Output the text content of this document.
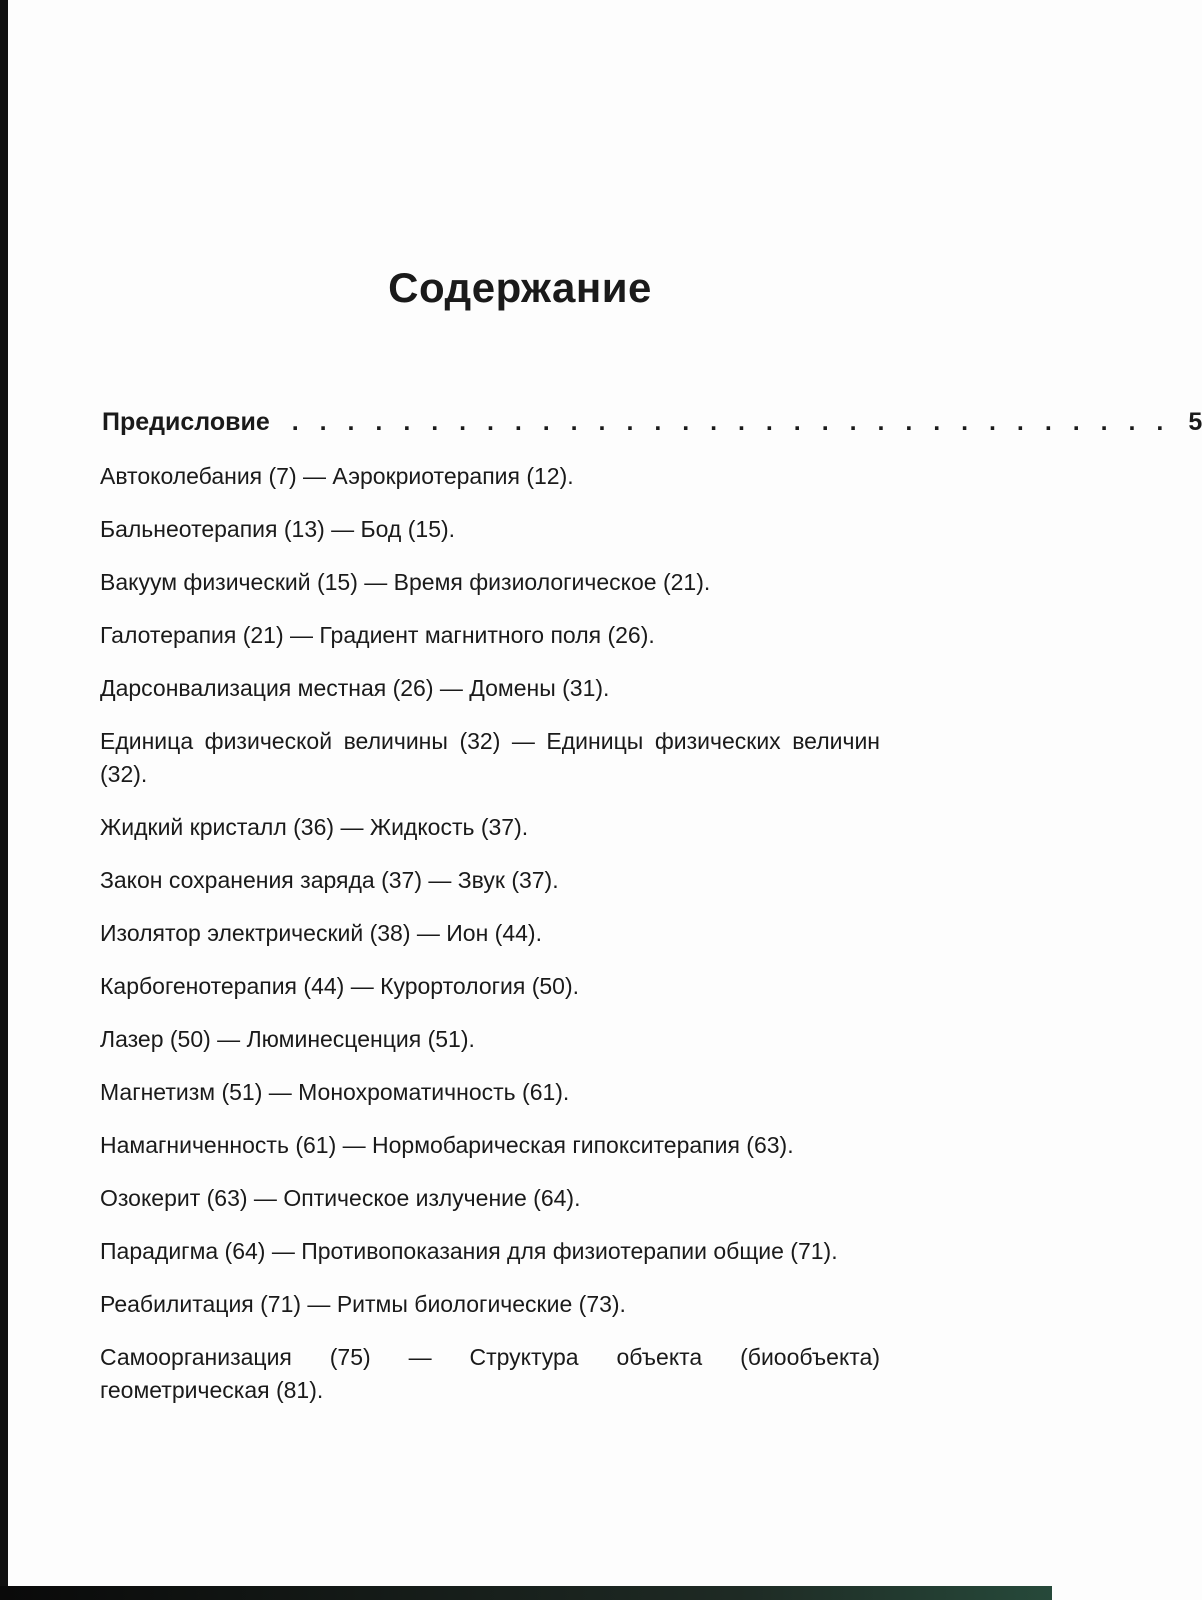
Содержание
Предисловие . . . . . . . . . . . . . . . . . . . . . . . . . . . . . . . . 5
Автоколебания (7) — Аэрокриотерапия (12).
Бальнеотерапия (13) — Бод (15).
Вакуум физический (15) — Время физиологическое (21).
Галотерапия (21) — Градиент магнитного поля (26).
Дарсонвализация местная (26) — Домены (31).
Единица физической величины (32) — Единицы физических величин (32).
Жидкий кристалл (36) — Жидкость (37).
Закон сохранения заряда (37) — Звук (37).
Изолятор электрический (38) — Ион (44).
Карбогенотерапия (44) — Курортология (50).
Лазер (50) — Люминесценция (51).
Магнетизм (51) — Монохроматичность (61).
Намагниченность (61) — Нормобарическая гипокситерапия (63).
Озокерит (63) — Оптическое излучение (64).
Парадигма (64) — Противопоказания для физиотерапии общие (71).
Реабилитация (71) — Ритмы биологические (73).
Самоорганизация (75) — Структура объекта (биообъекта) геометрическая (81).
